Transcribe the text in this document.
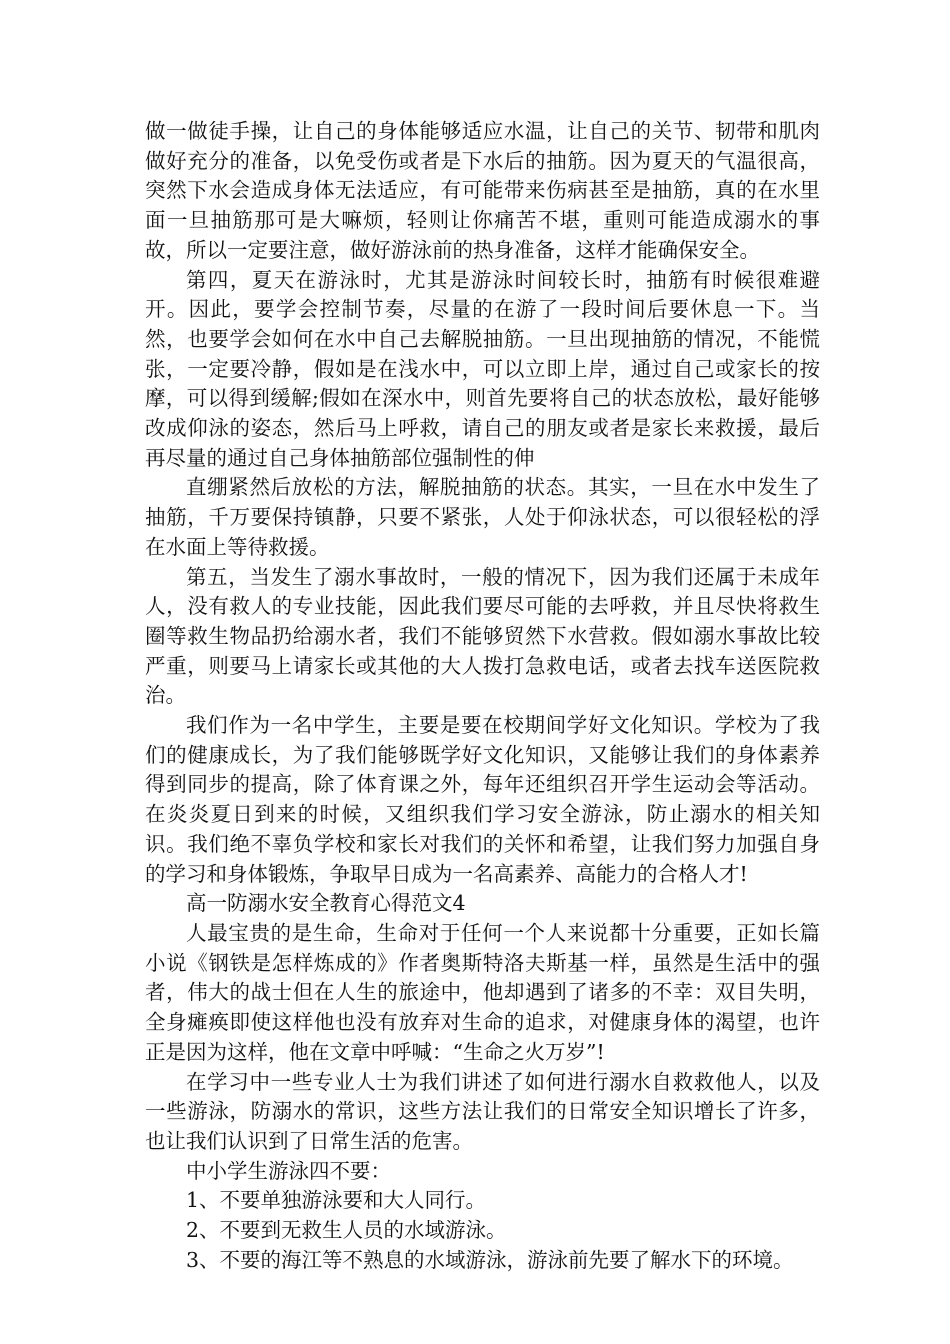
做一做徒手操，让自己的身体能够适应水温，让自己的关节、韧带和肌肉做好充分的准备，以免受伤或者是下水后的抽筋。因为夏天的气温很高，突然下水会造成身体无法适应，有可能带来伤病甚至是抽筋，真的在水里面一旦抽筋那可是大嘛烦，轻则让你痛苦不堪，重则可能造成溺水的事故，所以一定要注意，做好游泳前的热身准备，这样才能确保安全。

第四，夏天在游泳时，尤其是游泳时间较长时，抽筋有时候很难避开。因此，要学会控制节奏，尽量的在游了一段时间后要休息一下。当然，也要学会如何在水中自己去解脱抽筋。一旦出现抽筋的情况，不能慌张，一定要冷静，假如是在浅水中，可以立即上岸，通过自己或家长的按摩，可以得到缓解;假如在深水中，则首先要将自己的状态放松，最好能够改成仰泳的姿态，然后马上呼救，请自己的朋友或者是家长来救援，最后再尽量的通过自己身体抽筋部位强制性的伸

直绷紧然后放松的方法，解脱抽筋的状态。其实，一旦在水中发生了抽筋，千万要保持镇静，只要不紧张，人处于仰泳状态，可以很轻松的浮在水面上等待救援。

第五，当发生了溺水事故时，一般的情况下，因为我们还属于未成年人，没有救人的专业技能，因此我们要尽可能的去呼救，并且尽快将救生圈等救生物品扔给溺水者，我们不能够贸然下水营救。假如溺水事故比较严重，则要马上请家长或其他的大人拨打急救电话，或者去找车送医院救治。

我们作为一名中学生，主要是要在校期间学好文化知识。学校为了我们的健康成长，为了我们能够既学好文化知识，又能够让我们的身体素养得到同步的提高，除了体育课之外，每年还组织召开学生运动会等活动。在炎炎夏日到来的时候，又组织我们学习安全游泳，防止溺水的相关知识。我们绝不辜负学校和家长对我们的关怀和希望，让我们努力加强自身的学习和身体锻炼，争取早日成为一名高素养、高能力的合格人才!

高一防溺水安全教育心得范文4

人最宝贵的是生命，生命对于任何一个人来说都十分重要，正如长篇小说《钢铁是怎样炼成的》作者奥斯特洛夫斯基一样，虽然是生活中的强者，伟大的战士但在人生的旅途中，他却遇到了诸多的不幸：双目失明，全身瘫痪即使这样他也没有放弃对生命的追求，对健康身体的渴望，也许正是因为这样，他在文章中呼喊：“生命之火万岁”!

在学习中一些专业人士为我们讲述了如何进行溺水自救救他人，以及一些游泳，防溺水的常识，这些方法让我们的日常安全知识增长了许多，也让我们认识到了日常生活的危害。

中小学生游泳四不要：

1、不要单独游泳要和大人同行。

2、不要到无救生人员的水域游泳。

3、不要的海江等不熟息的水域游泳，游泳前先要了解水下的环境。
